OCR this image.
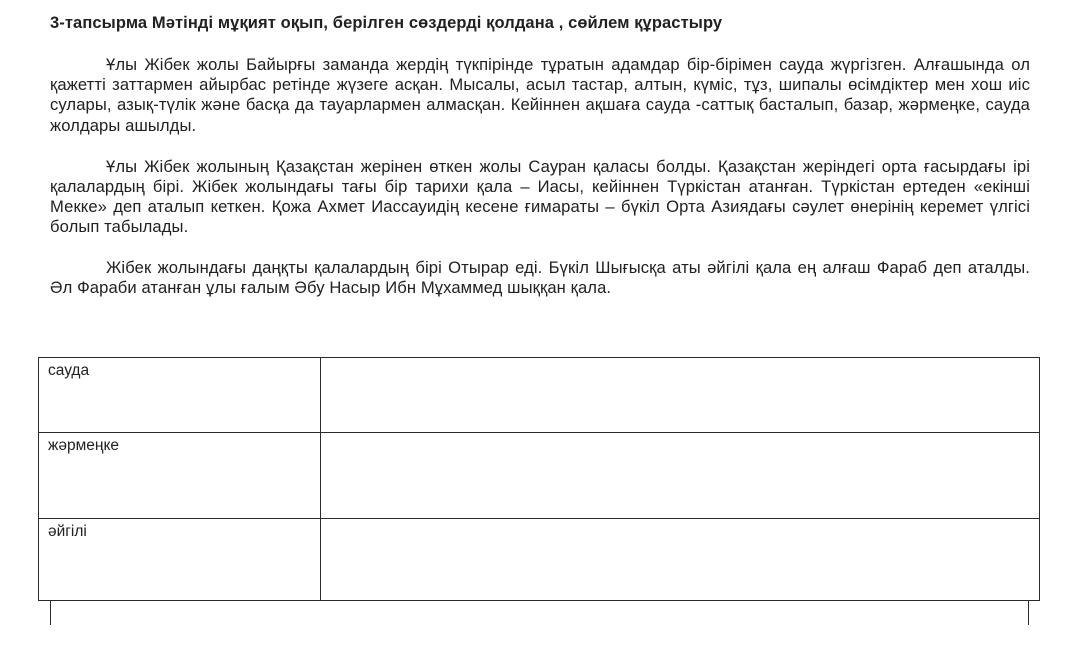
3-тапсырма Мәтінді мұқият оқып, берілген сөздерді қолдана , сөйлем құрастыру
Ұлы Жібек жолы Байырғы заманда жердің түкпірінде тұратын адамдар бір-бірімен сауда жүргізген. Алғашында ол қажетті заттармен айырбас ретінде жүзеге асқан. Мысалы, асыл тастар, алтын, күміс, тұз, шипалы өсімдіктер мен хош иіс сулары, азық-түлік және басқа да тауарлармен алмасқан. Кейіннен ақшаға сауда -саттық басталып, базар, жәрмеңке, сауда жолдары ашылды.
Ұлы Жібек жолының Қазақстан жерінен өткен жолы Сауран қаласы болды. Қазақстан жеріндегі орта ғасырдағы ірі қалалардың бірі. Жібек жолындағы тағы бір тарихи қала – Иасы, кейіннен Түркістан атанған. Түркістан ертеден «екінші Мекке» деп аталып кеткен. Қожа Ахмет Иассауидің кесене ғимараты – бүкіл Орта Азиядағы сәулет өнерінің керемет үлгісі болып табылады.
Жібек жолындағы даңқты қалалардың бірі Отырар еді. Бүкіл Шығысқа аты әйгілі қала ең алғаш Фараб деп аталды. Әл Фараби атанған ұлы ғалым Әбу Насыр Ибн Мұхаммед шыққан қала.
сауда	
жәрмеңке	
әйгілі	
